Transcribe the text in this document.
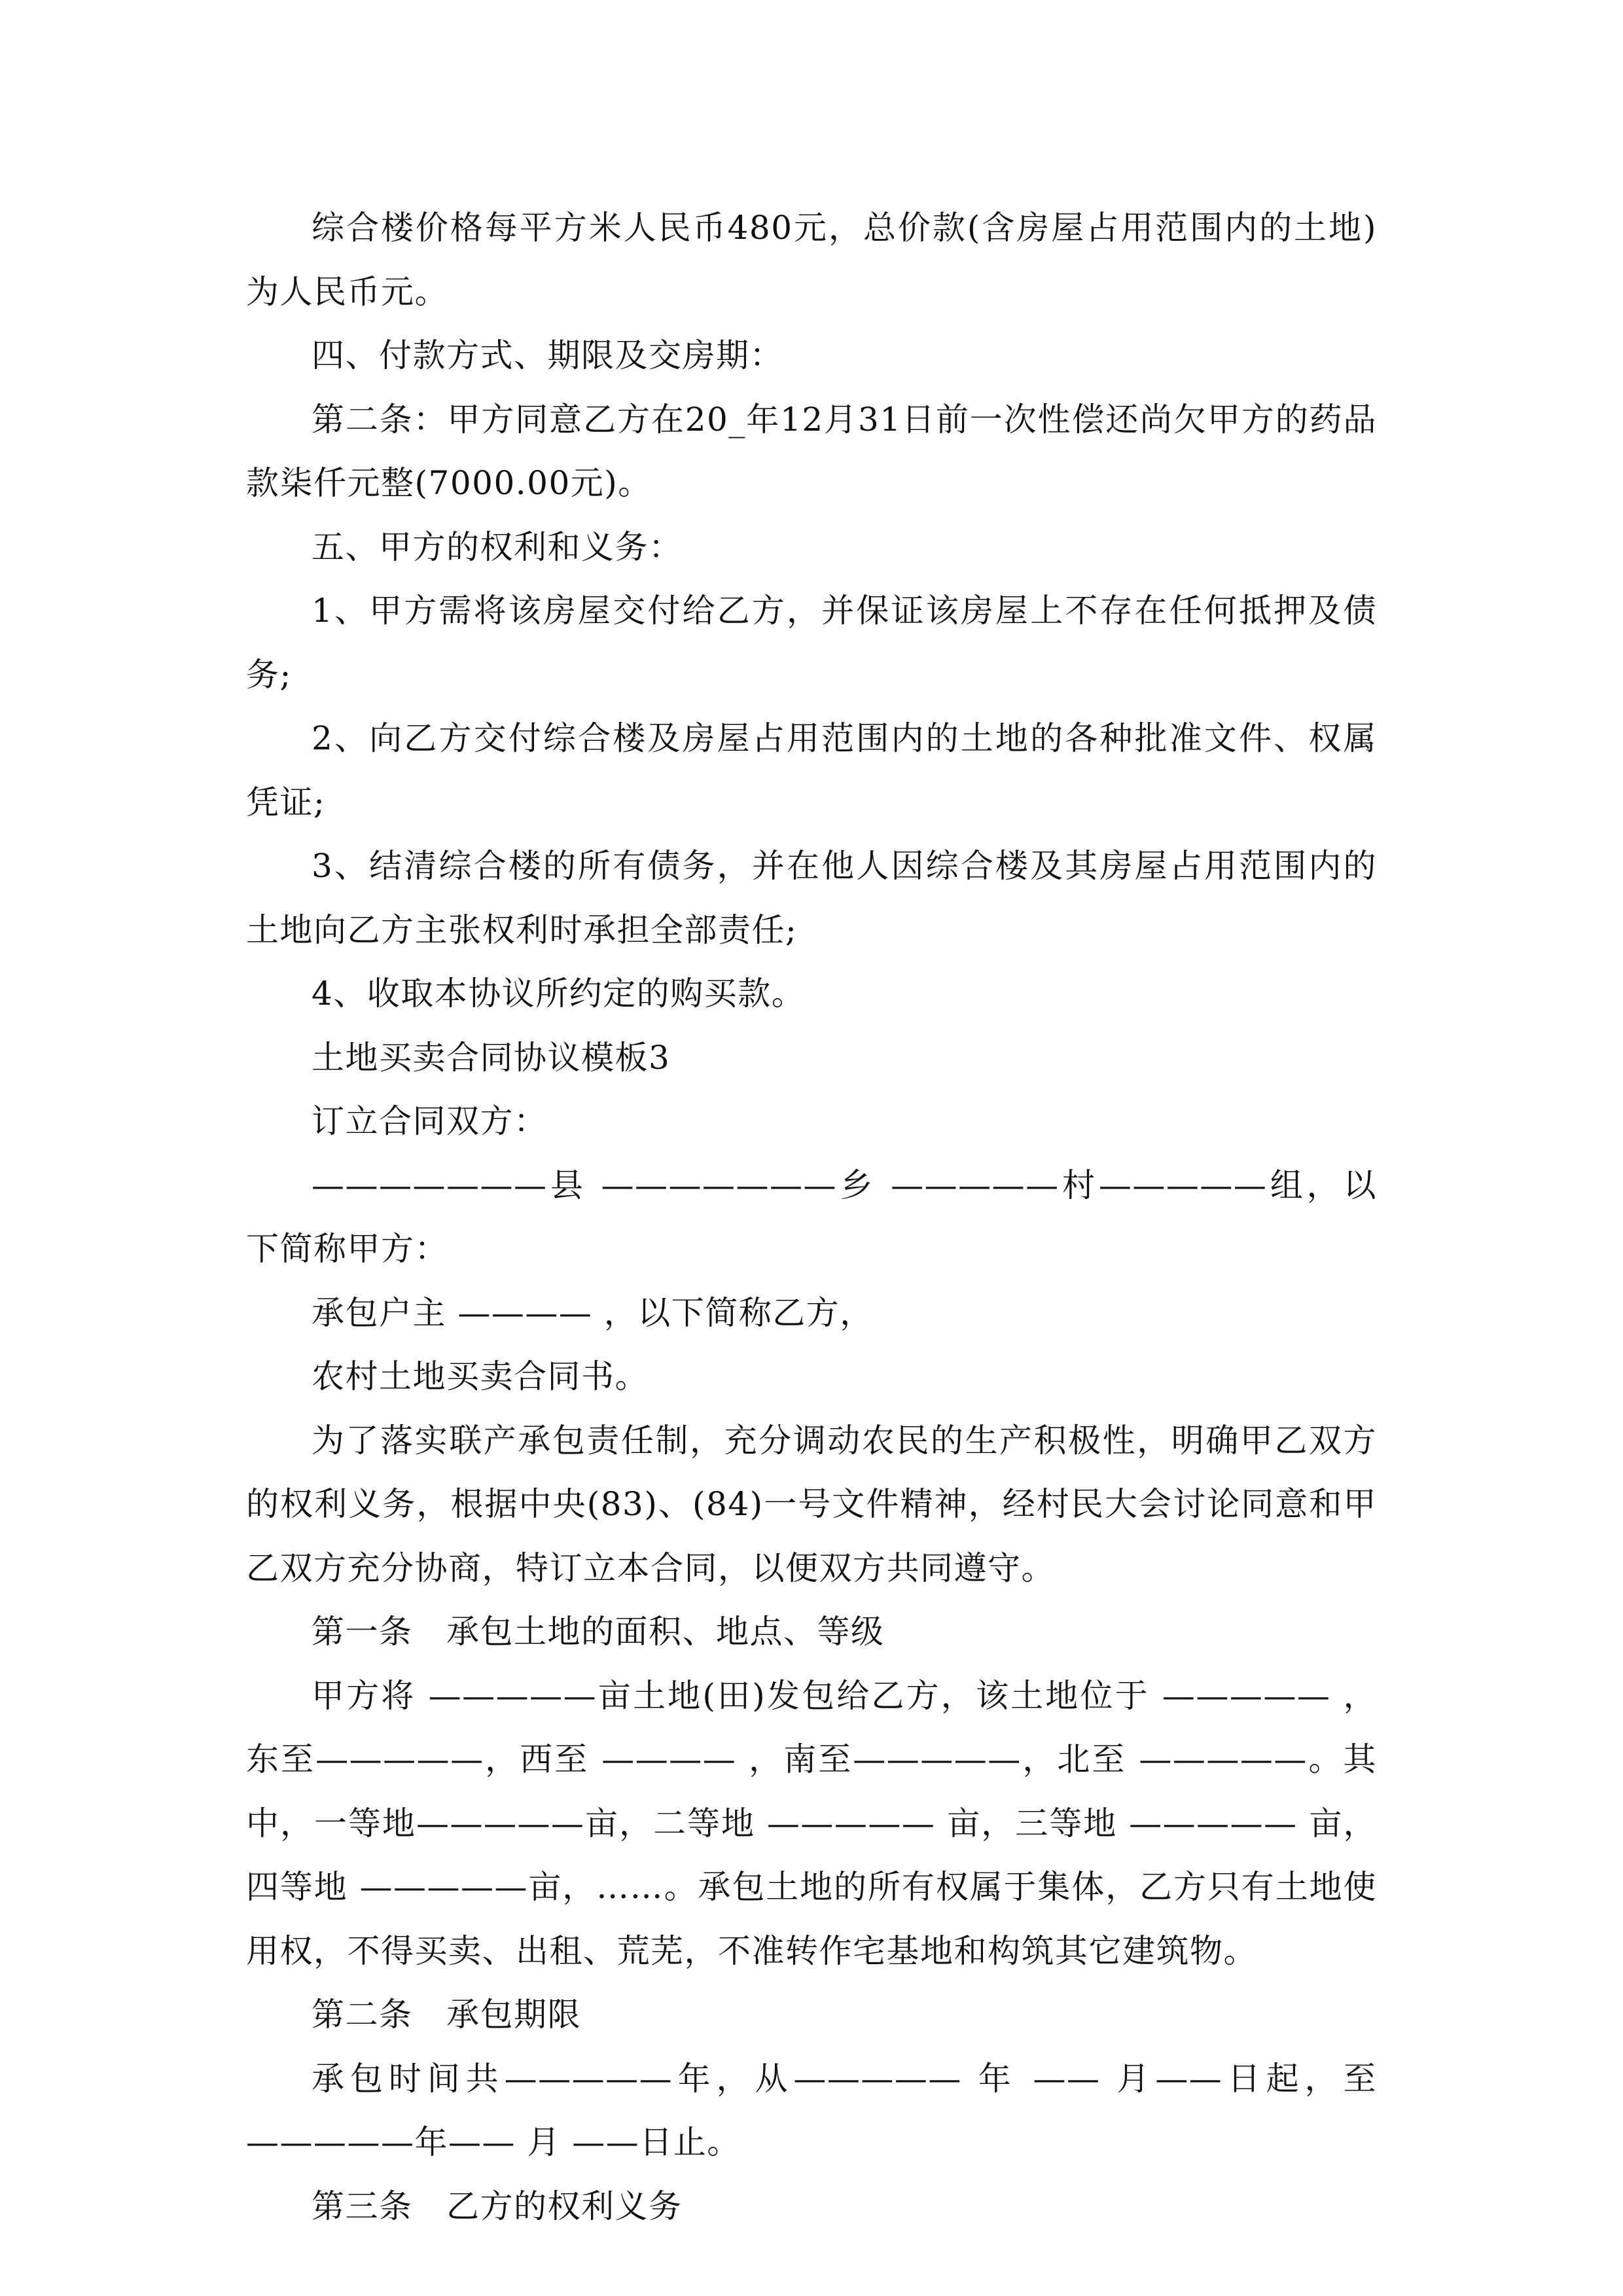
综合楼价格每平方米人民币480元，总价款(含房屋占用范围内的土地)为人民币元。

四、付款方式、期限及交房期：

第二条：甲方同意乙方在20_年12月31日前一次性偿还尚欠甲方的药品款柒仟元整(7000.00元)。

五、甲方的权利和义务：

1、甲方需将该房屋交付给乙方，并保证该房屋上不存在任何抵押及债务;

2、向乙方交付综合楼及房屋占用范围内的土地的各种批准文件、权属凭证;

3、结清综合楼的所有债务，并在他人因综合楼及其房屋占用范围内的土地向乙方主张权利时承担全部责任;

4、收取本协议所约定的购买款。

土地买卖合同协议模板3

订立合同双方：

———————县 ———————乡 —————村—————组，以下简称甲方：

承包户主 ———— ，以下简称乙方，

农村土地买卖合同书。

为了落实联产承包责任制，充分调动农民的生产积极性，明确甲乙双方的权利义务，根据中央(83)、(84)一号文件精神，经村民大会讨论同意和甲乙双方充分协商，特订立本合同，以便双方共同遵守。

第一条　承包土地的面积、地点、等级

甲方将 —————亩土地(田)发包给乙方，该土地位于 ————— ，东至—————，西至 ———— ，南至—————，北至 —————。其中，一等地—————亩，二等地 ————— 亩，三等地 ————— 亩，四等地 —————亩，……。承包土地的所有权属于集体，乙方只有土地使用权，不得买卖、出租、荒芜，不准转作宅基地和构筑其它建筑物。

第二条　承包期限

承包时间共—————年，从————— 年 —— 月——日起，至 —————年—— 月 ——日止。

第三条　乙方的权利义务
